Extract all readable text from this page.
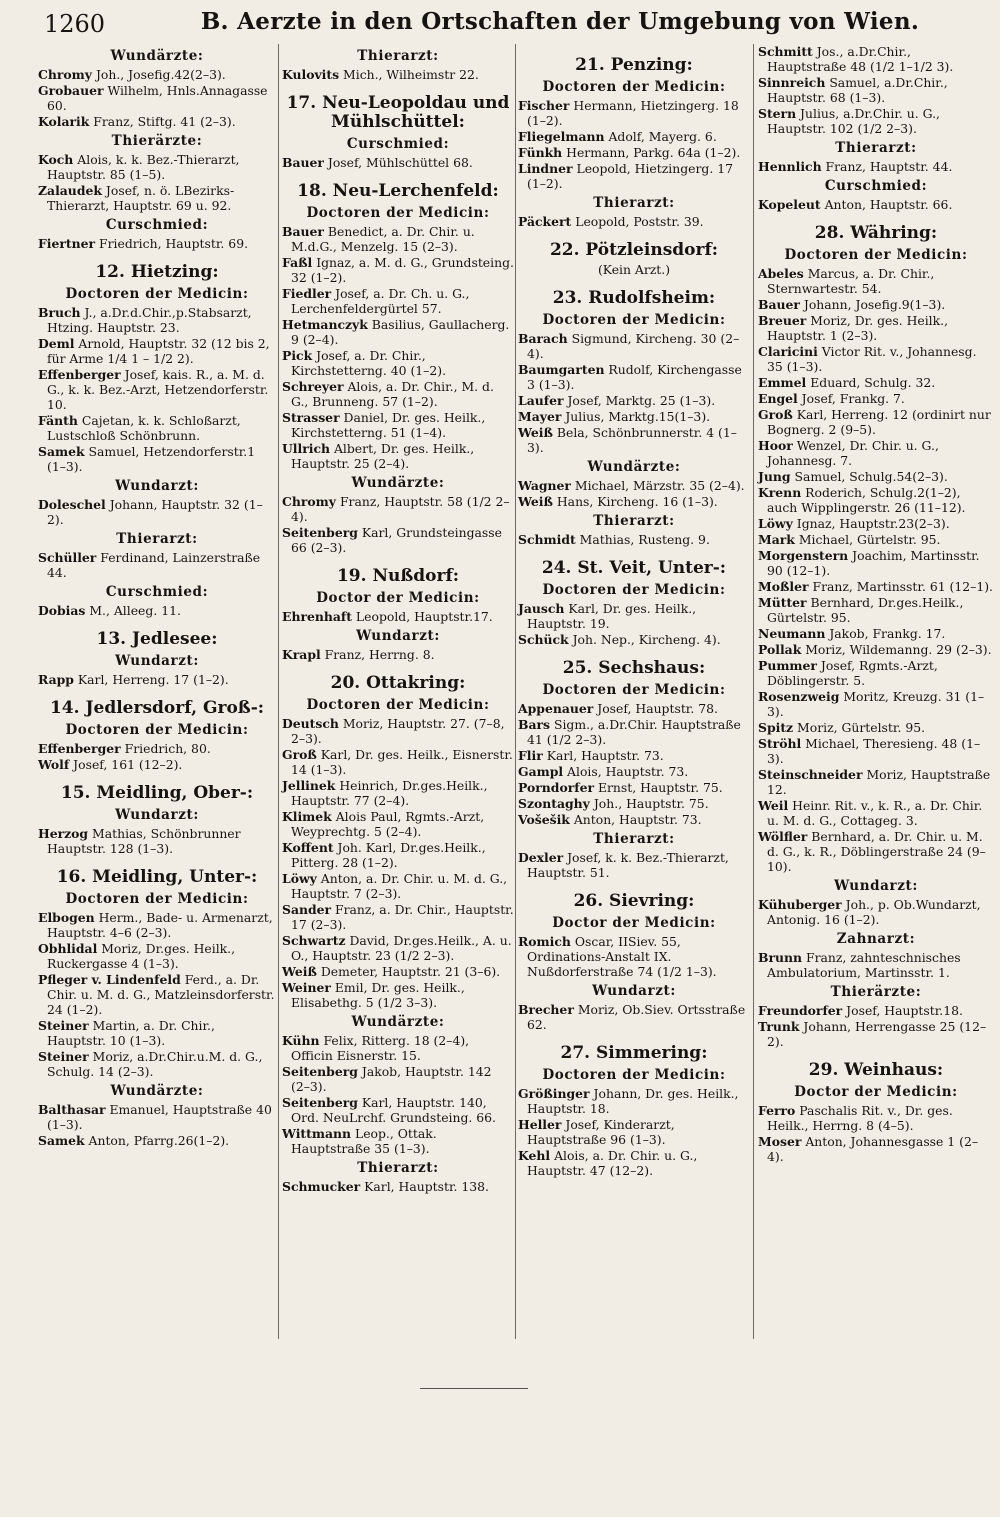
1260	B. Aerzte in den Ortschaften der Umgebung von Wien.
Wundärzte:
Chromy Joh., Josefig.42(2–3).
Grobauer Wilhelm, Hnls.Annagasse 60.
Kolarik Franz, Stiftg. 41 (2–3).
Thierärzte:
Koch Alois, k. k. Bez.-Thierarzt, Hauptstr. 85 (1–5).
Zalaudek Josef, n. ö. LBezirks-Thierarzt, Hauptstr. 69 u. 92.
Curschmied:
Fiertner Friedrich, Hauptstr. 69.
12. Hietzing:
Doctoren der Medicin:
Bruch J., a.Dr.d.Chir.,p.Stabsarzt, Htzing. Hauptstr. 23.
Deml Arnold, Hauptstr. 32 (12 bis 2, für Arme 1/4 1 – 1/2 2).
Effenberger Josef, kais. R., a. M. d. G., k. k. Bez.-Arzt, Hetzendorferstr. 10.
Fänth Cajetan, k. k. Schloßarzt, Lustschloß Schönbrunn.
Samek Samuel, Hetzendorferstr.1 (1–3).
Wundarzt:
Doleschel Johann, Hauptstr. 32 (1–2).
Thierarzt:
Schüller Ferdinand, Lainzerstraße 44.
Curschmied:
Dobias M., Alleeg. 11.
13. Jedlesee:
Wundarzt:
Rapp Karl, Herreng. 17 (1–2).
14. Jedlersdorf, Groß-:
Doctoren der Medicin:
Effenberger Friedrich, 80.
Wolf Josef, 161 (12–2).
15. Meidling, Ober-:
Wundarzt:
Herzog Mathias, Schönbrunner Hauptstr. 128 (1–3).
16. Meidling, Unter-:
Doctoren der Medicin:
Elbogen Herm., Bade- u. Armenarzt, Hauptstr. 4–6 (2–3).
Obhlidal Moriz, Dr.ges. Heilk., Ruckergasse 4 (1–3).
Pfleger v. Lindenfeld Ferd., a. Dr. Chir. u. M. d. G., Matzleinsdorferstr. 24 (1–2).
Steiner Martin, a. Dr. Chir., Hauptstr. 10 (1–3).
Steiner Moriz, a.Dr.Chir.u.M. d. G., Schulg. 14 (2–3).
Wundärzte:
Balthasar Emanuel, Hauptstraße 40 (1–3).
Samek Anton, Pfarrg.26(1–2).
Thierarzt:
Kulovits Mich., Wilheimstr 22.
17. Neu-Leopoldau und Mühlschüttel:
Curschmied:
Bauer Josef, Mühlschüttel 68.
18. Neu-Lerchenfeld:
Doctoren der Medicin:
Bauer Benedict, a. Dr. Chir. u. M.d.G., Menzelg. 15 (2–3).
Faßl Ignaz, a. M. d. G., Grundsteing. 32 (1–2).
Fiedler Josef, a. Dr. Ch. u. G., Lerchenfeldergürtel 57.
Hetmanczyk Basilius, Gaullacherg. 9 (2–4).
Pick Josef, a. Dr. Chir., Kirchstetterng. 40 (1–2).
Schreyer Alois, a. Dr. Chir., M. d. G., Brunneng. 57 (1–2).
Strasser Daniel, Dr. ges. Heilk., Kirchstetterng. 51 (1–4).
Ullrich Albert, Dr. ges. Heilk., Hauptstr. 25 (2–4).
Wundärzte:
Chromy Franz, Hauptstr. 58 (1/2 2–4).
Seitenberg Karl, Grundsteingasse 66 (2–3).
19. Nußdorf:
Doctor der Medicin:
Ehrenhaft Leopold, Hauptstr.17.
Wundarzt:
Krapl Franz, Herrng. 8.
20. Ottakring:
Doctoren der Medicin:
Deutsch Moriz, Hauptstr. 27. (7–8, 2–3).
Groß Karl, Dr. ges. Heilk., Eisnerstr. 14 (1–3).
Jellinek Heinrich, Dr.ges.Heilk., Hauptstr. 77 (2–4).
Klimek Alois Paul, Rgmts.-Arzt, Weyprechtg. 5 (2–4).
Koffent Joh. Karl, Dr.ges.Heilk., Pitterg. 28 (1–2).
Löwy Anton, a. Dr. Chir. u. M. d. G., Hauptstr. 7 (2–3).
Sander Franz, a. Dr. Chir., Hauptstr. 17 (2–3).
Schwartz David, Dr.ges.Heilk., A. u. O., Hauptstr. 23 (1/2 2–3).
Weiß Demeter, Hauptstr. 21 (3–6).
Weiner Emil, Dr. ges. Heilk., Elisabethg. 5 (1/2 3–3).
Wundärzte:
Kühn Felix, Ritterg. 18 (2–4), Officin Eisnerstr. 15.
Seitenberg Jakob, Hauptstr. 142 (2–3).
Seitenberg Karl, Hauptstr. 140, Ord. NeuLrchf. Grundsteing. 66.
Wittmann Leop., Ottak. Hauptstraße 35 (1–3).
Thierarzt:
Schmucker Karl, Hauptstr. 138.
21. Penzing:
Doctoren der Medicin:
Fischer Hermann, Hietzingerg. 18 (1–2).
Fliegelmann Adolf, Mayerg. 6.
Fünkh Hermann, Parkg. 64a (1–2).
Lindner Leopold, Hietzingerg. 17 (1–2).
Thierarzt:
Päckert Leopold, Poststr. 39.
22. Pötzleinsdorf:
(Kein Arzt.)
23. Rudolfsheim:
Doctoren der Medicin:
Barach Sigmund, Kircheng. 30 (2–4).
Baumgarten Rudolf, Kirchengasse 3 (1–3).
Laufer Josef, Marktg. 25 (1–3).
Mayer Julius, Marktg.15(1–3).
Weiß Bela, Schönbrunnerstr. 4 (1–3).
Wundärzte:
Wagner Michael, Märzstr. 35 (2–4).
Weiß Hans, Kircheng. 16 (1–3).
Thierarzt:
Schmidt Mathias, Rusteng. 9.
24. St. Veit, Unter-:
Doctoren der Medicin:
Jausch Karl, Dr. ges. Heilk., Hauptstr. 19.
Schück Joh. Nep., Kircheng. 4).
25. Sechshaus:
Doctoren der Medicin:
Appenauer Josef, Hauptstr. 78.
Bars Sigm., a.Dr.Chir. Hauptstraße 41 (1/2 2–3).
Flir Karl, Hauptstr. 73.
Gampl Alois, Hauptstr. 73.
Porndorfer Ernst, Hauptstr. 75.
Szontaghy Joh., Hauptstr. 75.
Vošešik Anton, Hauptstr. 73.
Thierarzt:
Dexler Josef, k. k. Bez.-Thierarzt, Hauptstr. 51.
26. Sievring:
Doctor der Medicin:
Romich Oscar, IISiev. 55, Ordinations-Anstalt IX. Nußdorferstraße 74 (1/2 1–3).
Wundarzt:
Brecher Moriz, Ob.Siev. Ortsstraße 62.
27. Simmering:
Doctoren der Medicin:
Größinger Johann, Dr. ges. Heilk., Hauptstr. 18.
Heller Josef, Kinderarzt, Hauptstraße 96 (1–3).
Kehl Alois, a. Dr. Chir. u. G., Hauptstr. 47 (12–2).
Schmitt Jos., a.Dr.Chir., Hauptstraße 48 (1/2 1–1/2 3).
Sinnreich Samuel, a.Dr.Chir., Hauptstr. 68 (1–3).
Stern Julius, a.Dr.Chir. u. G., Hauptstr. 102 (1/2 2–3).
Thierarzt:
Hennlich Franz, Hauptstr. 44.
Curschmied:
Kopeleut Anton, Hauptstr. 66.
28. Währing:
Doctoren der Medicin:
Abeles Marcus, a. Dr. Chir., Sternwartestr. 54.
Bauer Johann, Josefig.9(1–3).
Breuer Moriz, Dr. ges. Heilk., Hauptstr. 1 (2–3).
Claricini Victor Rit. v., Johannesg. 35 (1–3).
Emmel Eduard, Schulg. 32.
Engel Josef, Frankg. 7.
Groß Karl, Herreng. 12 (ordinirt nur Bognerg. 2 (9–5).
Hoor Wenzel, Dr. Chir. u. G., Johannesg. 7.
Jung Samuel, Schulg.54(2–3).
Krenn Roderich, Schulg.2(1–2), auch Wipplingerstr. 26 (11–12).
Löwy Ignaz, Hauptstr.23(2–3).
Mark Michael, Gürtelstr. 95.
Morgenstern Joachim, Martinsstr. 90 (12–1).
Moßler Franz, Martinsstr. 61 (12–1).
Mütter Bernhard, Dr.ges.Heilk., Gürtelstr. 95.
Neumann Jakob, Frankg. 17.
Pollak Moriz, Wildemanng. 29 (2–3).
Pummer Josef, Rgmts.-Arzt, Döblingerstr. 5.
Rosenzweig Moritz, Kreuzg. 31 (1–3).
Spitz Moriz, Gürtelstr. 95.
Ströhl Michael, Theresieng. 48 (1–3).
Steinschneider Moriz, Hauptstraße 12.
Weil Heinr. Rit. v., k. R., a. Dr. Chir. u. M. d. G., Cottageg. 3.
Wölfler Bernhard, a. Dr. Chir. u. M. d. G., k. R., Döblingerstraße 24 (9–10).
Wundarzt:
Kühuberger Joh., p. Ob.Wundarzt, Antonig. 16 (1–2).
Zahnarzt:
Brunn Franz, zahnteschnisches Ambulatorium, Martinsstr. 1.
Thierärzte:
Freundorfer Josef, Hauptstr.18.
Trunk Johann, Herrengasse 25 (12–2).
29. Weinhaus:
Doctor der Medicin:
Ferro Paschalis Rit. v., Dr. ges. Heilk., Herrng. 8 (4–5).
Moser Anton, Johannesgasse 1 (2–4).
